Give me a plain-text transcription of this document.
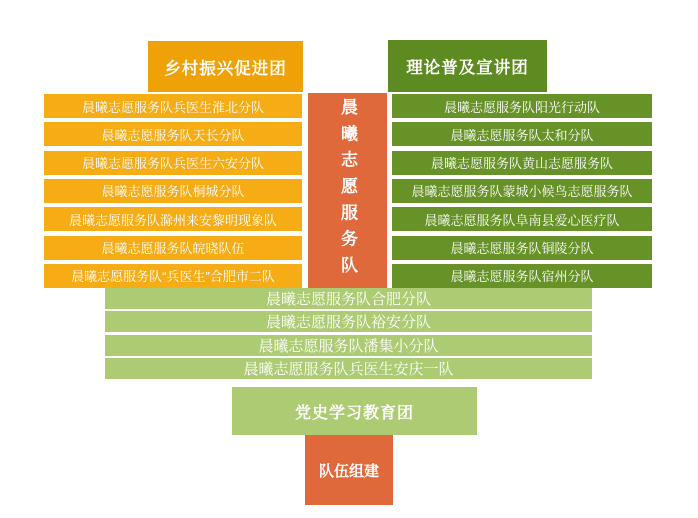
乡村振兴促进团	理论普及宣讲团
晨曦志愿服务队兵医生淮北分队
晨曦志愿服务队天长分队
晨曦志愿服务队兵医生六安分队
晨曦志愿服务队桐城分队
晨曦志愿服务队滁州来安黎明现象队
晨曦志愿服务队皖晓队伍
晨曦志愿服务队“兵医生”合肥市二队	晨曦志愿服务队	晨曦志愿服务队阳光行动队
晨曦志愿服务队太和分队
晨曦志愿服务队黄山志愿服务队
晨曦志愿服务队蒙城小候鸟志愿服务队
晨曦志愿服务队阜南县爱心医疗队
晨曦志愿服务队铜陵分队
晨曦志愿服务队宿州分队
晨曦志愿服务队合肥分队
晨曦志愿服务队裕安分队
晨曦志愿服务队潘集小分队
晨曦志愿服务队兵医生安庆一队
党史学习教育团
队伍组建
